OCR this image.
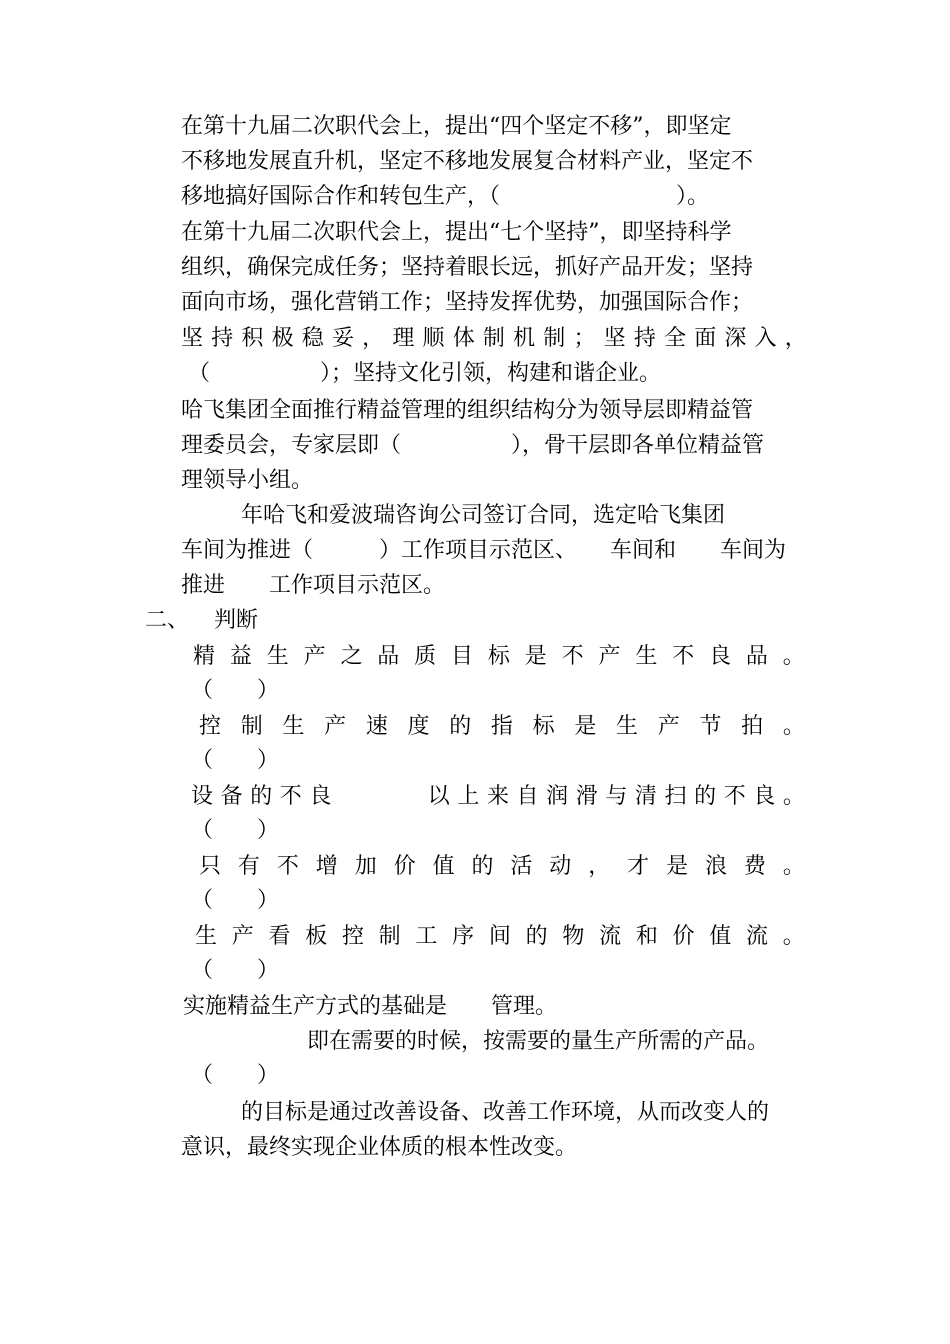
在第十九届二次职代会上，提出“四个坚定不移”，即坚定
不移地发展直升机，坚定不移地发展复合材料产业，坚定不
移地搞好国际合作和转包生产，（　　　　　　　　）。
在第十九届二次职代会上，提出“七个坚持”，即坚持科学
组织，确保完成任务；坚持着眼长远，抓好产品开发；坚持
面向市场，强化营销工作；坚持发挥优势，加强国际合作；
坚 持 积 极 稳 妥 ， 理 顺 体 制 机 制 ； 坚 持 全 面 深 入 ，
（　　　　　）；坚持文化引领，构建和谐企业。
哈飞集团全面推行精益管理的组织结构分为领导层即精益管
理委员会，专家层即（　　　　　），骨干层即各单位精益管
理领导小组。
年哈飞和爱波瑞咨询公司签订合同，选定哈飞集团
车间为推进（　　　）工作项目示范区、　　车间和　　车间为
推进　　工作项目示范区。
二、 判断
精 益 生 产 之 品 质 目 标 是 不 产 生 不 良 品 。
（　　）
控 制 生 产 速 度 的 指 标 是 生 产 节 拍 。
（　　）
设 备 的 不 良

　	以 上 来 自 润 滑 与 清 扫 的 不 良 。
（　　）
只 有 不 增 加 价 值 的 活 动 ， 才 是 浪 费 。
（　　）
生 产 看 板 控 制 工 序 间 的 物 流 和 价 值 流 。
（　　）
实施精益生产方式的基础是　　管理。
即在需要的时候，按需要的量生产所需的产品。
（　　）
的目标是通过改善设备、改善工作环境，从而改变人的
意识，最终实现企业体质的根本性改变。
